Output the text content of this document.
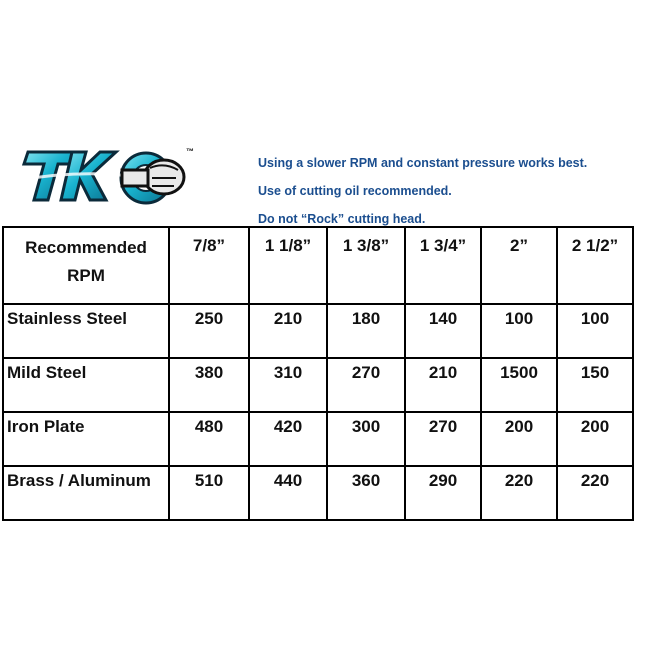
™
Using a slower RPM and constant pressure works best.
Use of cutting oil recommended.
Do not “Rock” cutting head.
Recommended
RPM	7/8”	1 1/8”	1 3/8”	1 3/4”	2”	2 1/2”
Stainless Steel	250	210	180	140	100	100
Mild Steel	380	310	270	210	1500	150
Iron Plate	480	420	300	270	200	200
Brass / Aluminum	510	440	360	290	220	220
